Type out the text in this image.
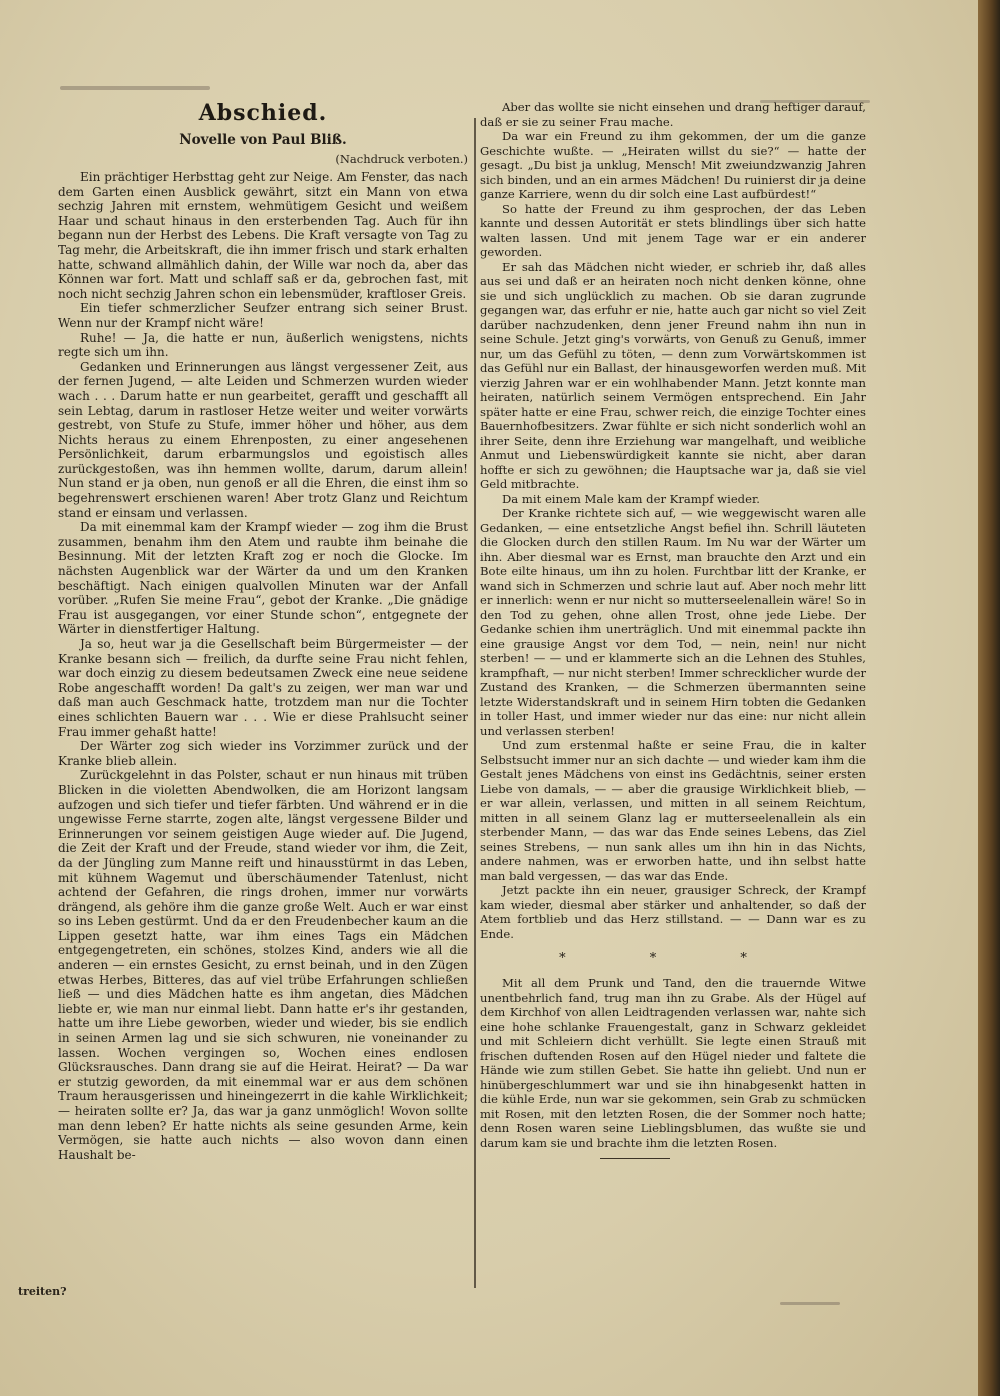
Abschied.
Novelle von Paul Bliß.
(Nachdruck verboten.)

Ein prächtiger Herbsttag geht zur Neige. Am Fenster, das nach dem Garten einen Ausblick gewährt, sitzt ein Mann von etwa sechzig Jahren mit ernstem, wehmütigem Gesicht und weißem Haar und schaut hinaus in den ersterbenden Tag. Auch für ihn begann nun der Herbst des Lebens. Die Kraft versagte von Tag zu Tag mehr, die Arbeitskraft, die ihn immer frisch und stark erhalten hatte, schwand allmählich dahin, der Wille war noch da, aber das Können war fort. Matt und schlaff saß er da, gebrochen fast, mit noch nicht sechzig Jahren schon ein lebensmüder, kraftloser Greis.

Ein tiefer schmerzlicher Seufzer entrang sich seiner Brust. Wenn nur der Krampf nicht wäre!

Ruhe! — Ja, die hatte er nun, äußerlich wenigstens, nichts regte sich um ihn.

Gedanken und Erinnerungen aus längst vergessener Zeit, aus der fernen Jugend, — alte Leiden und Schmerzen wurden wieder wach . . . Darum hatte er nun gearbeitet, gerafft und geschafft all sein Lebtag, darum in rastloser Hetze weiter und weiter vorwärts gestrebt, von Stufe zu Stufe, immer höher und höher, aus dem Nichts heraus zu einem Ehrenposten, zu einer angesehenen Persönlichkeit, darum erbarmungslos und egoistisch alles zurückgestoßen, was ihn hemmen wollte, darum, darum allein! Nun stand er ja oben, nun genoß er all die Ehren, die einst ihm so begehrenswert erschienen waren! Aber trotz Glanz und Reichtum stand er einsam und verlassen.

Da mit einemmal kam der Krampf wieder — zog ihm die Brust zusammen, benahm ihm den Atem und raubte ihm beinahe die Besinnung. Mit der letzten Kraft zog er noch die Glocke. Im nächsten Augenblick war der Wärter da und um den Kranken beschäftigt. Nach einigen qualvollen Minuten war der Anfall vorüber. „Rufen Sie meine Frau“, gebot der Kranke. „Die gnädige Frau ist ausgegangen, vor einer Stunde schon“, entgegnete der Wärter in dienstfertiger Haltung.

Ja so, heut war ja die Gesellschaft beim Bürgermeister — der Kranke besann sich — freilich, da durfte seine Frau nicht fehlen, war doch einzig zu diesem bedeutsamen Zweck eine neue seidene Robe angeschafft worden! Da galt's zu zeigen, wer man war und daß man auch Geschmack hatte, trotzdem man nur die Tochter eines schlichten Bauern war . . . Wie er diese Prahlsucht seiner Frau immer gehaßt hatte!

Der Wärter zog sich wieder ins Vorzimmer zurück und der Kranke blieb allein.

Zurückgelehnt in das Polster, schaut er nun hinaus mit trüben Blicken in die violetten Abendwolken, die am Horizont langsam aufzogen und sich tiefer und tiefer färbten. Und während er in die ungewisse Ferne starrte, zogen alte, längst vergessene Bilder und Erinnerungen vor seinem geistigen Auge wieder auf. Die Jugend, die Zeit der Kraft und der Freude, stand wieder vor ihm, die Zeit, da der Jüngling zum Manne reift und hinausstürmt in das Leben, mit kühnem Wagemut und überschäumender Tatenlust, nicht achtend der Gefahren, die rings drohen, immer nur vorwärts drängend, als gehöre ihm die ganze große Welt. Auch er war einst so ins Leben gestürmt. Und da er den Freudenbecher kaum an die Lippen gesetzt hatte, war ihm eines Tags ein Mädchen entgegengetreten, ein schönes, stolzes Kind, anders wie all die anderen — ein ernstes Gesicht, zu ernst beinah, und in den Zügen etwas Herbes, Bitteres, das auf viel trübe Erfahrungen schließen ließ — und dies Mädchen hatte es ihm angetan, dies Mädchen liebte er, wie man nur einmal liebt. Dann hatte er's ihr gestanden, hatte um ihre Liebe geworben, wieder und wieder, bis sie endlich in seinen Armen lag und sie sich schwuren, nie voneinander zu lassen. Wochen vergingen so, Wochen eines endlosen Glücksrausches. Dann drang sie auf die Heirat. Heirat? — Da war er stutzig geworden, da mit einemmal war er aus dem schönen Traum herausgerissen und hineingezerrt in die kahle Wirklichkeit; — heiraten sollte er? Ja, das war ja ganz unmöglich! Wovon sollte man denn leben? Er hatte nichts als seine gesunden Arme, kein Vermögen, sie hatte auch nichts — also wovon dann einen Haushalt be-

Aber das wollte sie nicht einsehen und drang heftiger darauf, daß er sie zu seiner Frau mache.

Da war ein Freund zu ihm gekommen, der um die ganze Geschichte wußte. — „Heiraten willst du sie?“ — hatte der gesagt. „Du bist ja unklug, Mensch! Mit zweiundzwanzig Jahren sich binden, und an ein armes Mädchen! Du ruinierst dir ja deine ganze Karriere, wenn du dir solch eine Last aufbürdest!“

So hatte der Freund zu ihm gesprochen, der das Leben kannte und dessen Autorität er stets blindlings über sich hatte walten lassen. Und mit jenem Tage war er ein anderer geworden.

Er sah das Mädchen nicht wieder, er schrieb ihr, daß alles aus sei und daß er an heiraten noch nicht denken könne, ohne sie und sich unglücklich zu machen. Ob sie daran zugrunde gegangen war, das erfuhr er nie, hatte auch gar nicht so viel Zeit darüber nachzudenken, denn jener Freund nahm ihn nun in seine Schule. Jetzt ging's vorwärts, von Genuß zu Genuß, immer nur, um das Gefühl zu töten, — denn zum Vorwärtskommen ist das Gefühl nur ein Ballast, der hinausgeworfen werden muß. Mit vierzig Jahren war er ein wohlhabender Mann. Jetzt konnte man heiraten, natürlich seinem Vermögen entsprechend. Ein Jahr später hatte er eine Frau, schwer reich, die einzige Tochter eines Bauernhofbesitzers. Zwar fühlte er sich nicht sonderlich wohl an ihrer Seite, denn ihre Erziehung war mangelhaft, und weibliche Anmut und Liebenswürdigkeit kannte sie nicht, aber daran hoffte er sich zu gewöhnen; die Hauptsache war ja, daß sie viel Geld mitbrachte.

Da mit einem Male kam der Krampf wieder.

Der Kranke richtete sich auf, — wie weggewischt waren alle Gedanken, — eine entsetzliche Angst befiel ihn. Schrill läuteten die Glocken durch den stillen Raum. Im Nu war der Wärter um ihn. Aber diesmal war es Ernst, man brauchte den Arzt und ein Bote eilte hinaus, um ihn zu holen. Furchtbar litt der Kranke, er wand sich in Schmerzen und schrie laut auf. Aber noch mehr litt er innerlich: wenn er nur nicht so mutterseelenallein wäre! So in den Tod zu gehen, ohne allen Trost, ohne jede Liebe. Der Gedanke schien ihm unerträglich. Und mit einemmal packte ihn eine grausige Angst vor dem Tod, — nein, nein! nur nicht sterben! — — und er klammerte sich an die Lehnen des Stuhles, krampfhaft, — nur nicht sterben! Immer schrecklicher wurde der Zustand des Kranken, — die Schmerzen übermannten seine letzte Widerstandskraft und in seinem Hirn tobten die Gedanken in toller Hast, und immer wieder nur das eine: nur nicht allein und verlassen sterben!

Und zum erstenmal haßte er seine Frau, die in kalter Selbstsucht immer nur an sich dachte — und wieder kam ihm die Gestalt jenes Mädchens von einst ins Gedächtnis, seiner ersten Liebe von damals, — — aber die grausige Wirklichkeit blieb, — er war allein, verlassen, und mitten in all seinem Reichtum, mitten in all seinem Glanz lag er mutterseelenallein als ein sterbender Mann, — das war das Ende seines Lebens, das Ziel seines Strebens, — nun sank alles um ihn hin in das Nichts, andere nahmen, was er erworben hatte, und ihn selbst hatte man bald vergessen, — das war das Ende.

Jetzt packte ihn ein neuer, grausiger Schreck, der Krampf kam wieder, diesmal aber stärker und anhaltender, so daß der Atem fortblieb und das Herz stillstand. — — Dann war es zu Ende.

* * *

Mit all dem Prunk und Tand, den die trauernde Witwe unentbehrlich fand, trug man ihn zu Grabe. Als der Hügel auf dem Kirchhof von allen Leidtragenden verlassen war, nahte sich eine hohe schlanke Frauengestalt, ganz in Schwarz gekleidet und mit Schleiern dicht verhüllt. Sie legte einen Strauß mit frischen duftenden Rosen auf den Hügel nieder und faltete die Hände wie zum stillen Gebet. Sie hatte ihn geliebt. Und nun er hinübergeschlummert war und sie ihn hinabgesenkt hatten in die kühle Erde, nun war sie gekommen, sein Grab zu schmücken mit Rosen, mit den letzten Rosen, die der Sommer noch hatte; denn Rosen waren seine Lieblingsblumen, das wußte sie und darum kam sie und brachte ihm die letzten Rosen.

treiten?
